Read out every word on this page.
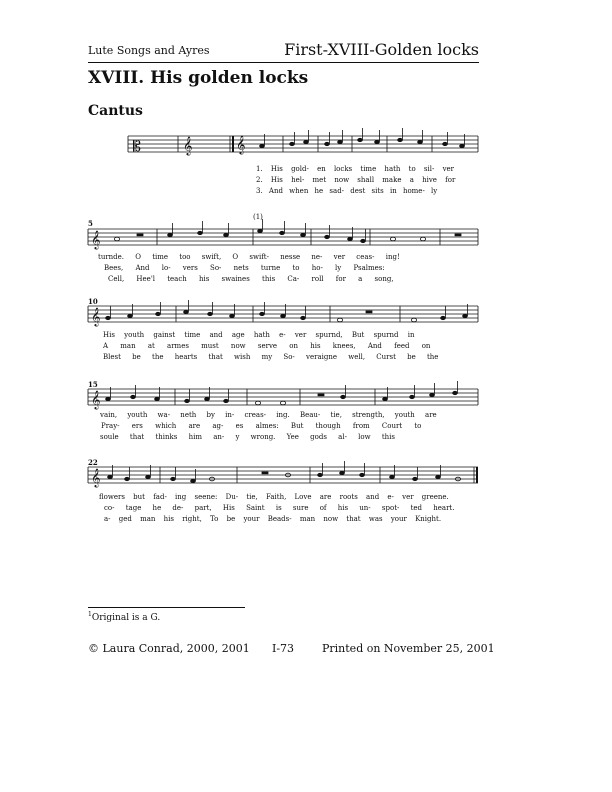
Lute Songs and Ayres	First-XVIII-Golden locks
XVIII. His golden locks
Cantus
𝄡	𝄞	𝄞
𝄞
𝄞
𝄞
𝄞
5
(1)
10
15
22
1. His gold- en locks time hath to sil- ver
2. His hel- met now shall make a hive for
3. And when he sad- dest sits in home- ly
turnde. O time too swift, O swift- nesse ne- ver ceas- ing!
Bees, And lo- vers So- nets turne to ho- ly Psalmes:
Cell, Hee'l teach his swaines this Ca- roll for a song,
His youth gainst time and age hath e- ver spurnd, But spurnd in
A man at armes must now serve on his knees, And feed on
Blest be the hearts that wish my So- veraigne well, Curst be the
vain, youth wa- neth by in- creas- ing. Beau- tie, strength, youth are
Pray- ers which are ag- es almes: But though from Court to
soule that thinks him an- y wrong. Yee gods al- low this
flowers but fad- ing seene: Du- tie, Faith, Love are roots and e- ver greene.
co- tage he de- part, His Saint is sure of his un- spot- ted heart.
a- ged man his right, To be your Beads- man now that was your Knight.
$^1$Original is a G.
© Laura Conrad, 2000, 2001 I-73	Printed on November 25, 2001
